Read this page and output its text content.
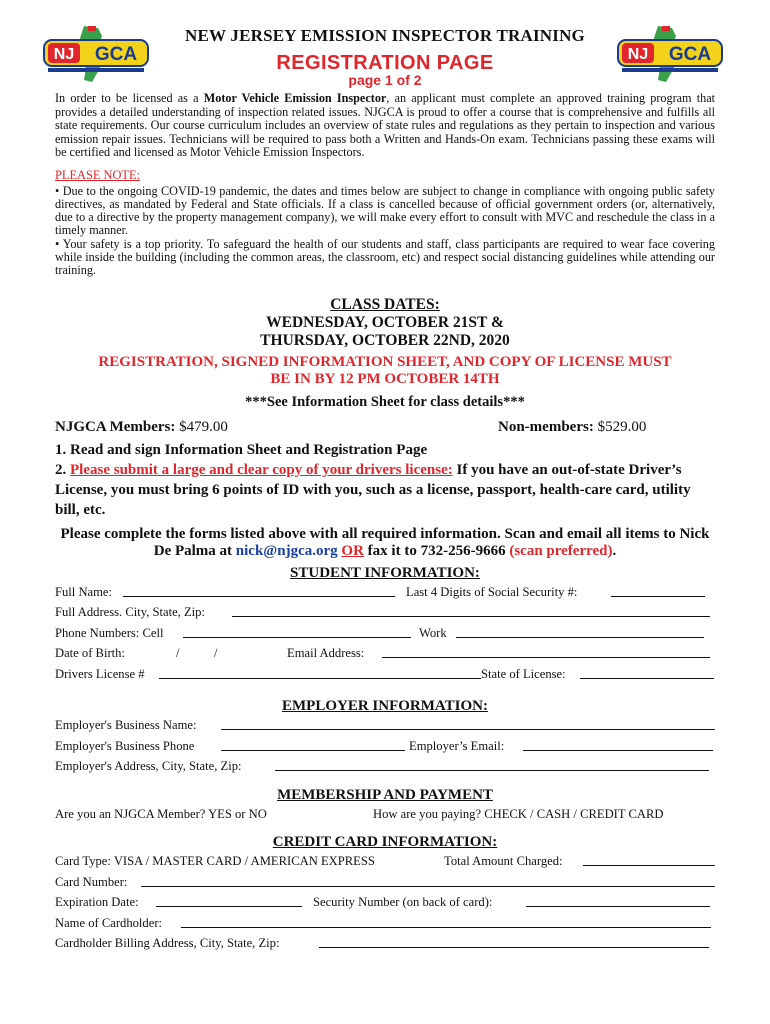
NJ GCA	NJ GCA
NEW JERSEY EMISSION INSPECTOR TRAINING
REGISTRATION PAGE
page 1 of 2

In order to be licensed as a Motor Vehicle Emission Inspector, an applicant must complete an approved training program that provides a detailed understanding of inspection related issues. NJGCA is proud to offer a course that is comprehensive and fulfills all state requirements. Our course curriculum includes an overview of state rules and regulations as they pertain to inspection and various emission repair issues. Technicians will be required to pass both a Written and Hands-On exam. Technicians passing these exams will be certified and licensed as Motor Vehicle Emission Inspectors.

PLEASE NOTE:

• Due to the ongoing COVID-19 pandemic, the dates and times below are subject to change in compliance with ongoing public safety directives, as mandated by Federal and State officials. If a class is cancelled because of official government orders (or, alternatively, due to a directive by the property management company), we will make every effort to consult with MVC and reschedule the class in a timely manner.

• Your safety is a top priority. To safeguard the health of our students and staff, class participants are required to wear face covering while inside the building (including the common areas, the classroom, etc) and respect social distancing guidelines while attending our training.

CLASS DATES:
WEDNESDAY, OCTOBER 21ST &
THURSDAY, OCTOBER 22ND, 2020
REGISTRATION, SIGNED INFORMATION SHEET, AND COPY OF LICENSE MUST
BE IN BY 12 PM OCTOBER 14TH
***See Information Sheet for class details***
NJGCA Members: $479.00	Non-members: $529.00
1. Read and sign Information Sheet and Registration Page
2. Please submit a large and clear copy of your drivers license: If you have an out-of-state Driver’s License, you must bring 6 points of ID with you, such as a license, passport, health-care card, utility bill, etc.
Please complete the forms listed above with all required information. Scan and email all items to Nick De Palma at nick@njgca.org OR fax it to 732-256-9666 (scan preferred).
STUDENT INFORMATION:
Full Name:	Last 4 Digits of Social Security #:
Full Address. City, State, Zip:
Phone Numbers: Cell	Work
Date of Birth:	/	/	Email Address:
Drivers License #	State of License:
EMPLOYER INFORMATION:
Employer's Business Name:
Employer's Business Phone	Employer’s Email:
Employer's Address, City, State, Zip:
MEMBERSHIP AND PAYMENT
Are you an NJGCA Member? YES or NO	How are you paying? CHECK / CASH / CREDIT CARD
CREDIT CARD INFORMATION:
Card Type: VISA / MASTER CARD / AMERICAN EXPRESS	Total Amount Charged:
Card Number:
Expiration Date:	Security Number (on back of card):
Name of Cardholder:
Cardholder Billing Address, City, State, Zip:
